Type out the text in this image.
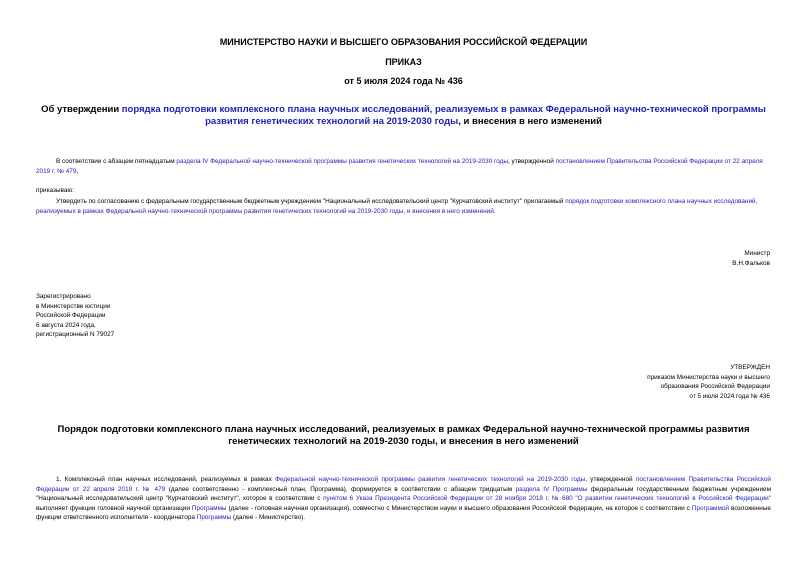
МИНИСТЕРСТВО НАУКИ И ВЫСШЕГО ОБРАЗОВАНИЯ РОССИЙСКОЙ ФЕДЕРАЦИИ
ПРИКАЗ
от 5 июля 2024 года № 436
Об утверждении порядка подготовки комплексного плана научных исследований, реализуемых в рамках Федеральной научно-технической программы развития генетических технологий на 2019-2030 годы, и внесения в него изменений
В соответствии с абзацем пятнадцатым раздела IV Федеральной научно-технической программы развития генетических технологий на 2019-2030 годы, утвержденной постановлением Правительства Российской Федерации от 22 апреля 2019 г. № 479,
приказываю:
Утвердить по согласованию с федеральным государственным бюджетным учреждением "Национальный исследовательский центр "Курчатовский институт" прилагаемый порядок подготовки комплексного плана научных исследований, реализуемых в рамках Федеральной научно-технической программы развития генетических технологий на 2019-2030 годы, и внесения в него изменений.
Министр
В.Н.Фальков
Зарегистрировано
в Министерстве юстиции
Российской Федерации
6 августа 2024 года,
регистрационный N 79027
УТВЕРЖДЕН
приказом Министерства науки и высшего
образования Российской Федерации
от 5 июля 2024 года № 436
Порядок подготовки комплексного плана научных исследований, реализуемых в рамках Федеральной научно-технической программы развития генетических технологий на 2019-2030 годы, и внесения в него изменений
1. Комплексный план научных исследований, реализуемых в рамках Федеральной научно-технической программы развития генетических технологий на 2019-2030 годы, утвержденной постановлением Правительства Российской Федерации от 22 апреля 2019 г. № 479 (далее соответственно - комплексный план, Программа), формируется в соответствии с абзацем тридцатым раздела IV Программы федеральным государственным бюджетным учреждением "Национальный исследовательский центр "Курчатовский институт", которое в соответствии с пунктом 6 Указа Президента Российской Федерации от 28 ноября 2018 г. № 680 "О развитии генетических технологий в Российской Федерации" выполняет функции головной научной организации Программы (далее - головная научная организация), совместно с Министерством науки и высшего образования Российской Федерации, на которое с соответствии с Программой возложенные функции ответственного исполнителя - координатора Программы (далее - Министерство).
